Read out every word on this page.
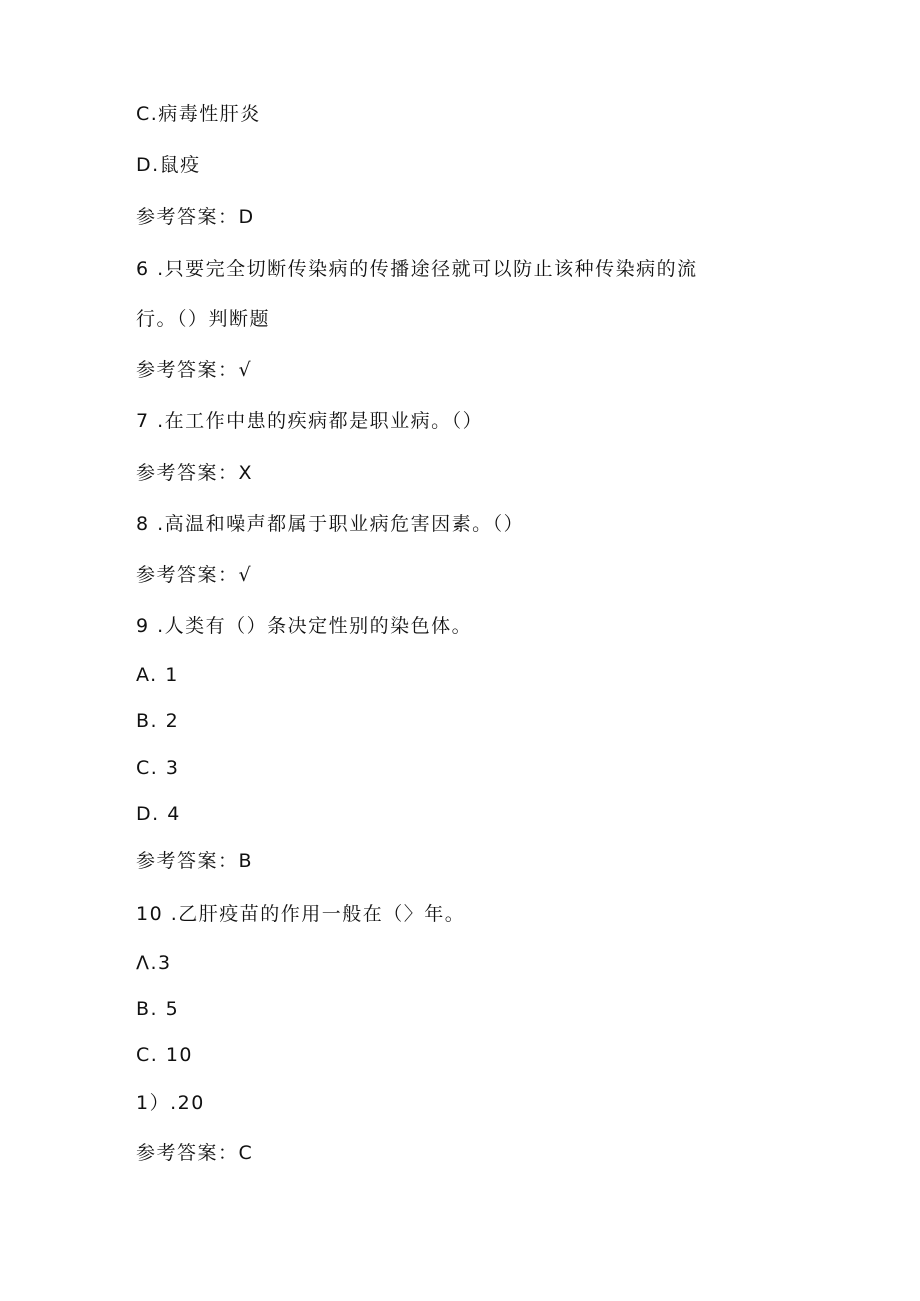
C.病毒性肝炎
D.鼠疫
参考答案：D
6 .只要完全切断传染病的传播途径就可以防止该种传染病的流
行。（）判断题
参考答案：√
7 .在工作中患的疾病都是职业病。（）
参考答案：X
8 .高温和噪声都属于职业病危害因素。（）
参考答案：√
9 .人类有（）条决定性别的染色体。
A. 1
B. 2
C. 3
D. 4
参考答案：B
10 .乙肝疫苗的作用一般在（〉年。
Λ.3
B. 5
C. 10
1）.20
参考答案：C
